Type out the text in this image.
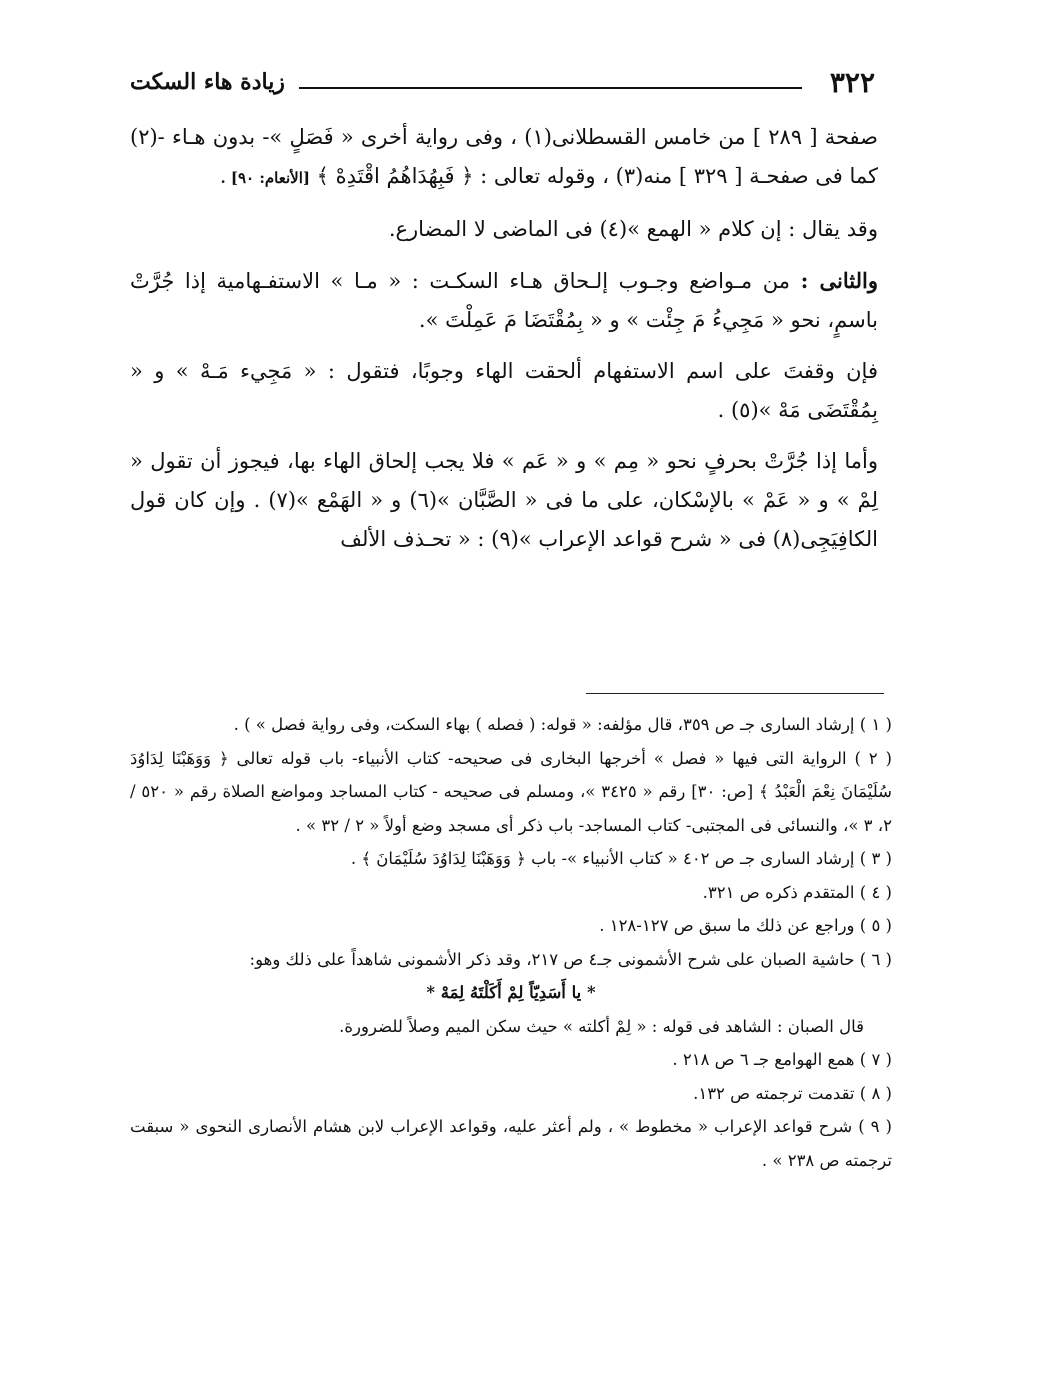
٣٢٢
زيادة هاء السكت

صفحة [ ٢٨٩ ] من خامس القسطلانى(١) ، وفى رواية أخرى « فَصَلٍ »- بدون هـاء -(٢) كما فى صفحـة [ ٣٢٩ ] منه(٣) ، وقوله تعالى : ﴿ فَبِهُدَاهُمُ اقْتَدِهْ ﴾ [الأنعام: ٩٠] .

وقد يقال : إن كلام « الهمع »(٤) فى الماضى لا المضارع.

والثانى : من مـواضع وجـوب إلـحاق هـاء السكـت : « مـا » الاستفـهامية إذا جُرَّتْ باسمٍ، نحو « مَجِيءُ مَ جِئْت » و « بِمُقْتَضَا مَ عَمِلْتَ ».

فإن وقفتَ على اسم الاستفهام ألحقت الهاء وجوبًا، فتقول : « مَجِيء مَـهْ » و « بِمُقْتَضَى مَهْ »(٥) .

وأما إذا جُرَّتْ بحرفٍ نحو « مِم » و « عَم » فلا يجب إلحاق الهاء بها، فيجوز أن تقول « لِمْ » و « عَمْ » بالإسْكان، على ما فى « الصَّبَّان »(٦) و « الهَمْع »(٧) . وإن كان قول الكافِيَجِى(٨) فى « شرح قواعد الإعراب »(٩) : « تحـذف الألف

( ١ ) إرشاد السارى جـ ص ٣٥٩، قال مؤلفه: « قوله: ( فصله ) بهاء السكت، وفى رواية فصل » ) .

( ٢ ) الرواية التى فيها « فصل » أخرجها البخارى فى صحيحه- كتاب الأنبياء- باب قوله تعالى ﴿ وَوَهَبْنَا لِدَاوُدَ سُلَيْمَانَ نِعْمَ الْعَبْدُ ﴾ [ص: ٣٠] رقم « ٣٤٢٥ »، ومسلم فى صحيحه - كتاب المساجد ومواضع الصلاة رقم « ٥٢٠ / ٢، ٣ »، والنسائى فى المجتبى- كتاب المساجد- باب ذكر أى مسجد وضع أولاً « ٢ / ٣٢ » .

( ٣ ) إرشاد السارى جـ ص ٤٠٢ « كتاب الأنبياء »- باب ﴿ وَوَهَبْنَا لِدَاوُدَ سُلَيْمَانَ ﴾ .

( ٤ ) المتقدم ذكره ص ٣٢١.

( ٥ ) وراجع عن ذلك ما سبق ص ١٢٧-١٢٨ .

( ٦ ) حاشية الصبان على شرح الأشمونى جـ٤ ص ٢١٧، وقد ذكر الأشمونى شاهداً على ذلك وهو:

* يا أَسَدِيّاً لِمْ أَكَلْتَهُ لِمَهْ *

قال الصبان : الشاهد فى قوله : « لِمْ أكلته » حيث سكن الميم وصلاً للضرورة.

( ٧ ) همع الهوامع جـ ٦ ص ٢١٨ .

( ٨ ) تقدمت ترجمته ص ١٣٢.

( ٩ ) شرح قواعد الإعراب « مخطوط » ، ولم أعثر عليه، وقواعد الإعراب لابن هشام الأنصارى النحوى « سبقت ترجمته ص ٢٣٨ » .
